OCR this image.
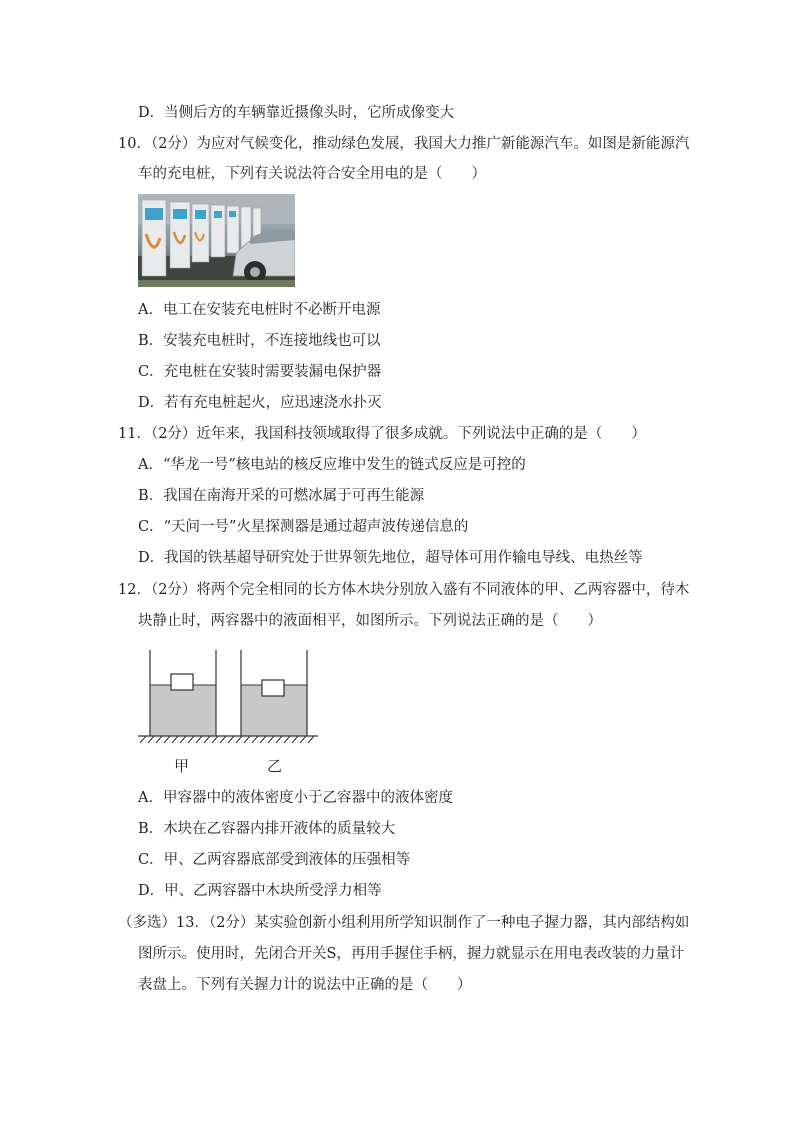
D．当侧后方的车辆靠近摄像头时，它所成像变大
10．（2分）为应对气候变化，推动绿色发展，我国大力推广新能源汽车。如图是新能源汽
车的充电桩，下列有关说法符合安全用电的是（　　）
A．电工在安装充电桩时不必断开电源
B．安装充电桩时，不连接地线也可以
C．充电桩在安装时需要装漏电保护器
D．若有充电桩起火，应迅速浇水扑灭
11．（2分）近年来，我国科技领域取得了很多成就。下列说法中正确的是（　　）
A．“华龙一号”核电站的核反应堆中发生的链式反应是可控的
B．我国在南海开采的可燃冰属于可再生能源
C．“天问一号”火星探测器是通过超声波传递信息的
D．我国的铁基超导研究处于世界领先地位，超导体可用作输电导线、电热丝等
12．（2分）将两个完全相同的长方体木块分别放入盛有不同液体的甲、乙两容器中，待木
块静止时，两容器中的液面相平，如图所示。下列说法正确的是（　　）
甲	乙
A．甲容器中的液体密度小于乙容器中的液体密度
B．木块在乙容器内排开液体的质量较大
C．甲、乙两容器底部受到液体的压强相等
D．甲、乙两容器中木块所受浮力相等
（多选）13．（2分）某实验创新小组利用所学知识制作了一种电子握力器，其内部结构如
图所示。使用时，先闭合开关S，再用手握住手柄，握力就显示在用电表改装的力量计
表盘上。下列有关握力计的说法中正确的是（　　）
